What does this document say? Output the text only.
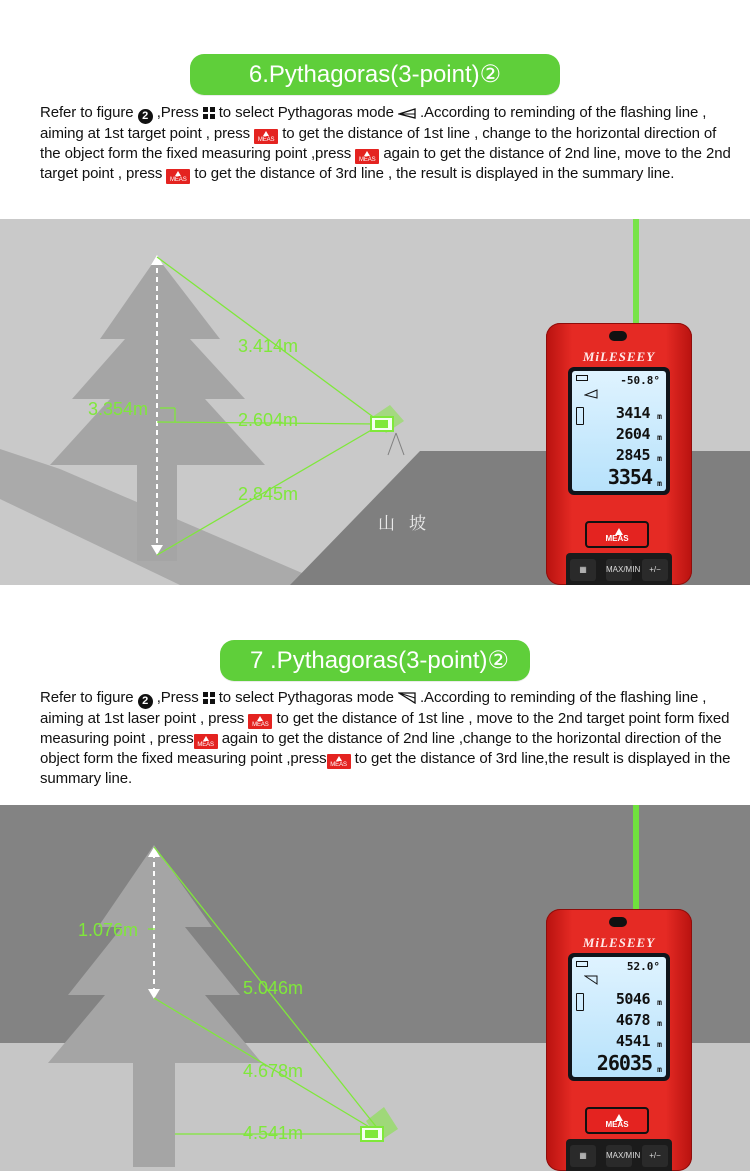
6.Pythagoras(3-point)②
Refer to figure 2 ,Press
to select Pythagoras mode  .According to reminding of the flashing line , aiming at 1st target point , press MEAS to get the distance of 1st line , change to the horizontal direction of the object form the fixed measuring point ,press MEAS again to get the distance of 2nd line, move to the 2nd target point , press MEAS to get the distance of 3rd line , the result is displayed in the summary line.
3.414m
3.354m
2.604m
2.845m
山坡
MiLESEEY
-50.8°
3414 m
2604 m
2845 m
3354 m
MEAS
▦	MAX/MIN	+/−
7 .Pythagoras(3-point)②
Refer to figure 2 ,Press
to select Pythagoras mode  .According to reminding of the flashing line , aiming at 1st laser point , press MEAS to get the distance of 1st line , move to the 2nd target point form fixed measuring point , press MEAS again to get the distance of 2nd line ,change to the horizontal direction of the object form the fixed measuring point ,press MEAS to get the distance of 3rd line,the result is displayed in the summary line.
1.076m
5.046m
4.678m
4.541m
MiLESEEY
52.0°
5046 m
4678 m
4541 m
26035 m
MEAS
▦	MAX/MIN	+/−
